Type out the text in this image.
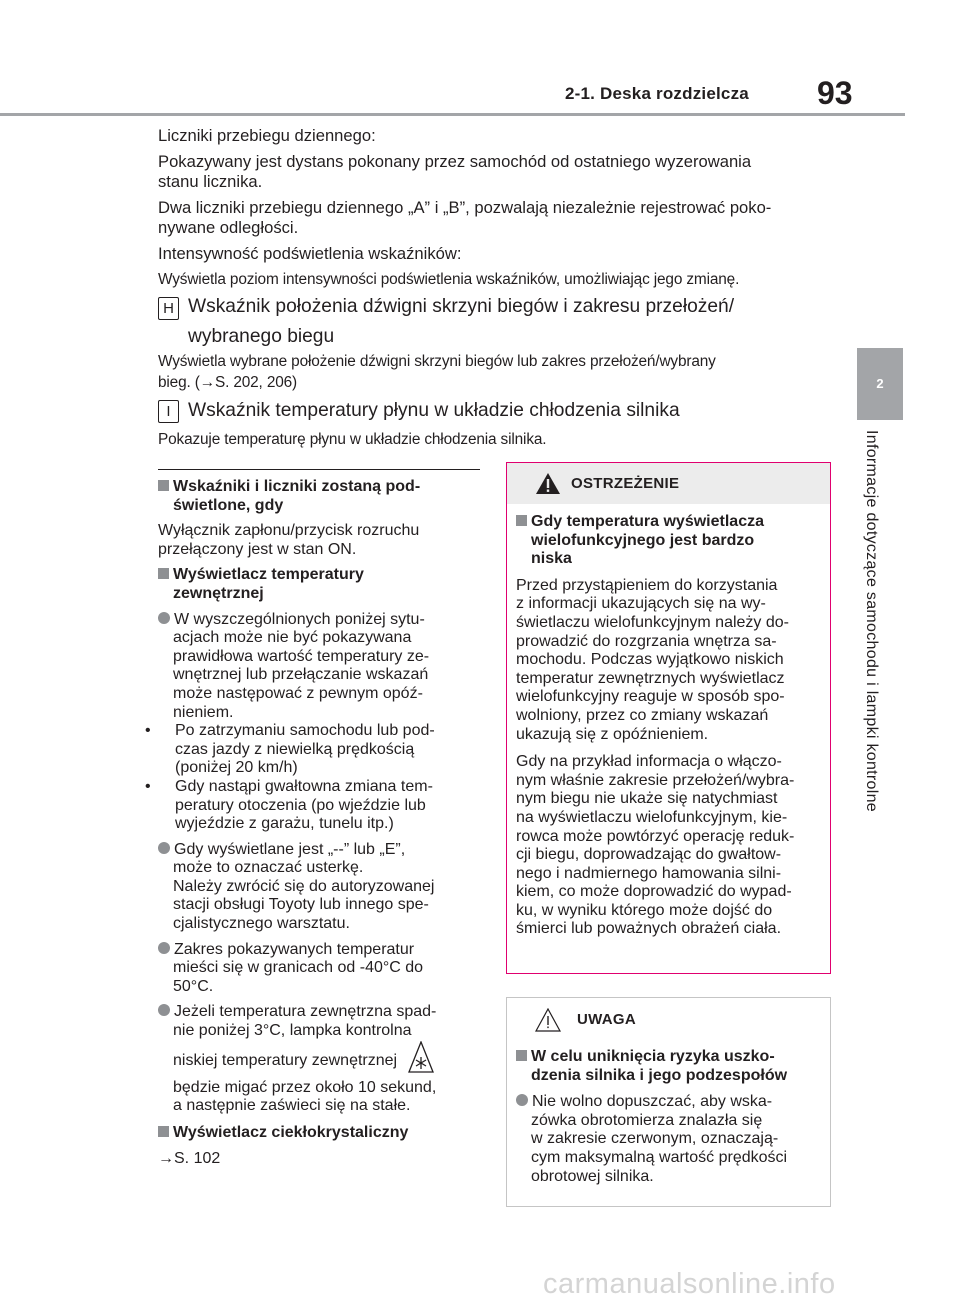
2-1. Deska rozdzielcza 93
2
Informacje dotyczące samochodu i lampki kontrolne
Liczniki przebiegu dziennego:
Pokazywany jest dystans pokonany przez samochód od ostatniego wyzerowania
stanu licznika.
Dwa liczniki przebiegu dziennego „A” i „B”, pozwalają niezależnie rejestrować poko-
nywane odległości.
Intensywność podświetlenia wskaźników:
Wyświetla poziom intensywności podświetlenia wskaźników, umożliwiając jego zmianę.
H Wskaźnik położenia dźwigni skrzyni biegów i zakresu przełożeń/
wybranego biegu
Wyświetla wybrane położenie dźwigni skrzyni biegów lub zakres przełożeń/wybrany
bieg. (→S. 202, 206)
I Wskaźnik temperatury płynu w układzie chłodzenia silnika
Pokazuje temperaturę płynu w układzie chłodzenia silnika.
Wskaźniki i liczniki zostaną pod-
świetlone, gdy
Wyłącznik zapłonu/przycisk rozruchu
przełączony jest w stan ON.
Wyświetlacz temperatury
zewnętrznej
W wyszczególnionych poniżej sytu-
acjach może nie być pokazywana
prawidłowa wartość temperatury ze-
wnętrznej lub przełączanie wskazań
może następować z pewnym opóź-
nieniem.
• Po zatrzymaniu samochodu lub pod-
czas jazdy z niewielką prędkością
(poniżej 20 km/h)
• Gdy nastąpi gwałtowna zmiana tem-
peratury otoczenia (po wjeździe lub
wyjeździe z garażu, tunelu itp.)
Gdy wyświetlane jest „--” lub „E”,
może to oznaczać usterkę.
Należy zwrócić się do autoryzowanej
stacji obsługi Toyoty lub innego spe-
cjalistycznego warsztatu.
Zakres pokazywanych temperatur
mieści się w granicach od -40°C do
50°C.
Jeżeli temperatura zewnętrzna spad-
nie poniżej 3°C, lampka kontrolna
niskiej temperatury zewnętrznej
będzie migać przez około 10 sekund,
a następnie zaświeci się na stałe.
Wyświetlacz ciekłokrystaliczny
→S. 102
OSTRZEŻENIE
Gdy temperatura wyświetlacza
wielofunkcyjnego jest bardzo
niska
Przed przystąpieniem do korzystania
z informacji ukazujących się na wy-
świetlaczu wielofunkcyjnym należy do-
prowadzić do rozgrzania wnętrza sa-
mochodu. Podczas wyjątkowo niskich
temperatur zewnętrznych wyświetlacz
wielofunkcyjny reaguje w sposób spo-
wolniony, przez co zmiany wskazań
ukazują się z opóźnieniem.
Gdy na przykład informacja o włączo-
nym właśnie zakresie przełożeń/wybra-
nym biegu nie ukaże się natychmiast
na wyświetlaczu wielofunkcyjnym, kie-
rowca może powtórzyć operację reduk-
cji biegu, doprowadzając do gwałtow-
nego i nadmiernego hamowania silni-
kiem, co może doprowadzić do wypad-
ku, w wyniku którego może dojść do
śmierci lub poważnych obrażeń ciała.
UWAGA
W celu uniknięcia ryzyka uszko-
dzenia silnika i jego podzespołów
Nie wolno dopuszczać, aby wska-
zówka obrotomierza znalazła się
w zakresie czerwonym, oznaczają-
cym maksymalną wartość prędkości
obrotowej silnika.
carmanualsonline.info
